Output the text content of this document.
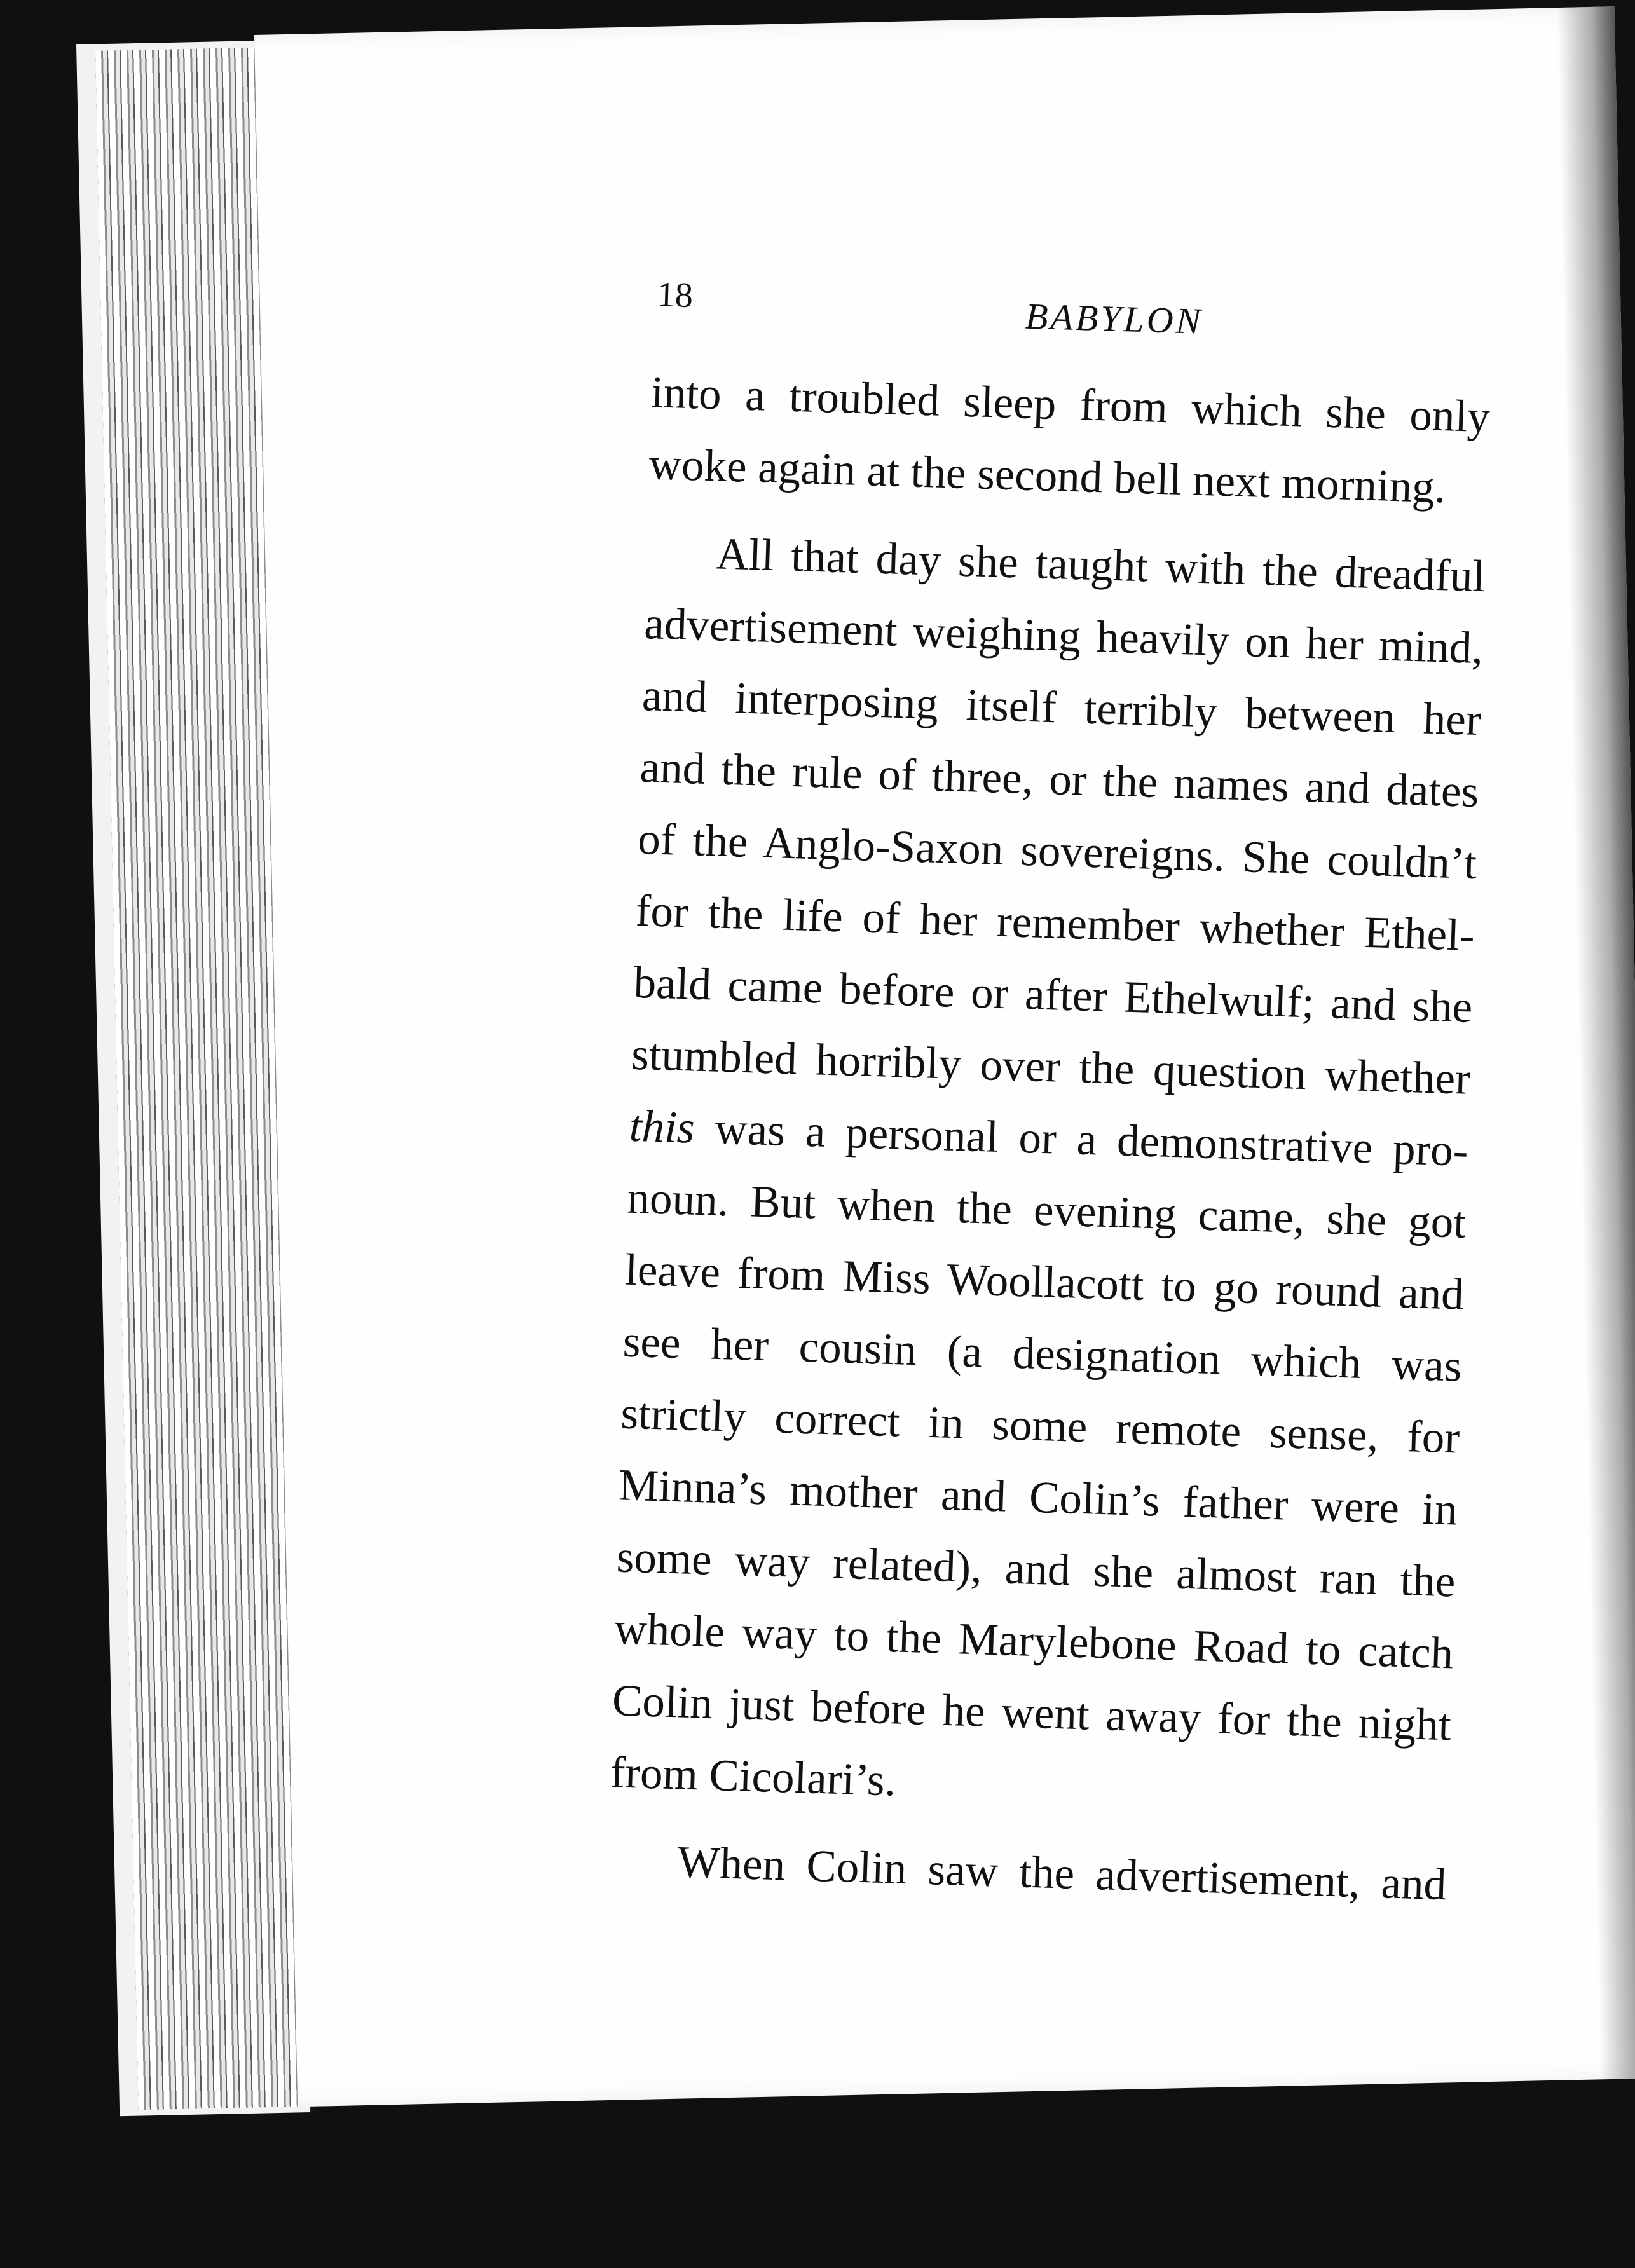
18
BABYLON
into a troubled sleep from which she only
woke again at the second bell next morning.
All that day she taught with the dreadful
advertisement weighing heavily on her mind,
and interposing itself terribly between her
and the rule of three, or the names and dates
of the Anglo-Saxon sovereigns. She couldn’t
for the life of her remember whether Ethel-
bald came before or after Ethelwulf; and she
stumbled horribly over the question whether
this was a personal or a demonstrative pro-
noun. But when the evening came, she got
leave from Miss Woollacott to go round and
see her cousin (a designation which was
strictly correct in some remote sense, for
Minna’s mother and Colin’s father were in
some way related), and she almost ran the
whole way to the Marylebone Road to catch
Colin just before he went away for the night
from Cicolari’s.
When Colin saw the advertisement, and
